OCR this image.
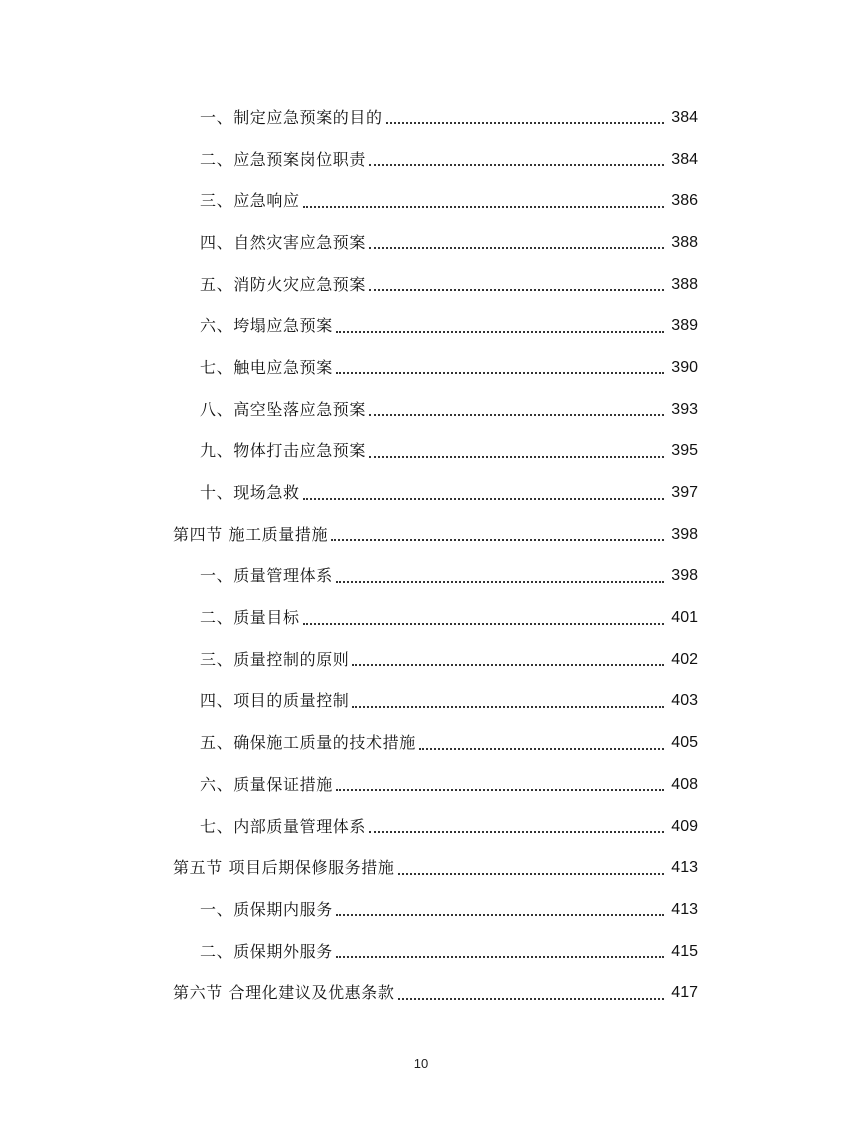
一、制定应急预案的目的	384
二、应急预案岗位职责	384
三、应急响应	386
四、自然灾害应急预案	388
五、消防火灾应急预案	388
六、垮塌应急预案	389
七、触电应急预案	390
八、高空坠落应急预案	393
九、物体打击应急预案	395
十、现场急救	397
第四节 施工质量措施	398
一、质量管理体系	398
二、质量目标	401
三、质量控制的原则	402
四、项目的质量控制	403
五、确保施工质量的技术措施	405
六、质量保证措施	408
七、内部质量管理体系	409
第五节 项目后期保修服务措施	413
一、质保期内服务	413
二、质保期外服务	415
第六节 合理化建议及优惠条款	417
10
